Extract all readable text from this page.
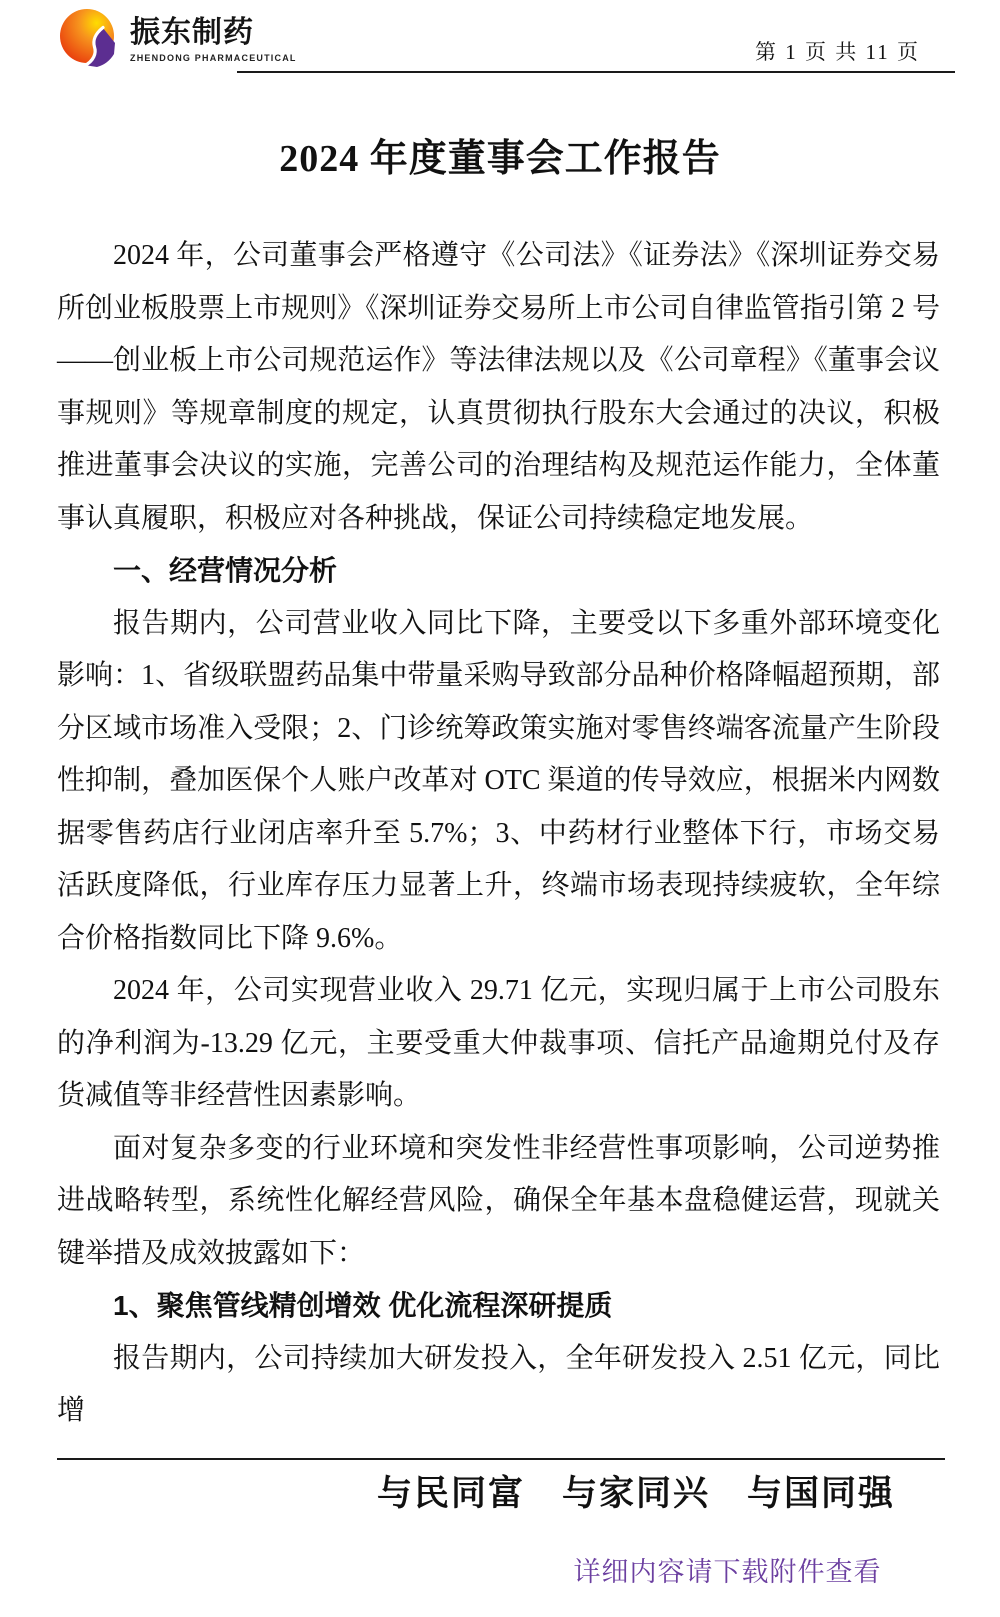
振东制药
ZHENDONG PHARMACEUTICAL	第 1 页 共 11 页
2024 年度董事会工作报告

2024 年，公司董事会严格遵守《公司法》《证券法》《深圳证券交易所创业板股票上市规则》《深圳证券交易所上市公司自律监管指引第 2 号——创业板上市公司规范运作》等法律法规以及《公司章程》《董事会议事规则》等规章制度的规定，认真贯彻执行股东大会通过的决议，积极推进董事会决议的实施，完善公司的治理结构及规范运作能力，全体董事认真履职，积极应对各种挑战，保证公司持续稳定地发展。

一、经营情况分析

报告期内，公司营业收入同比下降，主要受以下多重外部环境变化影响：1、省级联盟药品集中带量采购导致部分品种价格降幅超预期，部分区域市场准入受限；2、门诊统筹政策实施对零售终端客流量产生阶段性抑制，叠加医保个人账户改革对 OTC 渠道的传导效应，根据米内网数据零售药店行业闭店率升至 5.7%；3、中药材行业整体下行，市场交易活跃度降低，行业库存压力显著上升，终端市场表现持续疲软，全年综合价格指数同比下降 9.6%。

2024 年，公司实现营业收入 29.71 亿元，实现归属于上市公司股东的净利润为-13.29 亿元，主要受重大仲裁事项、信托产品逾期兑付及存货减值等非经营性因素影响。

面对复杂多变的行业环境和突发性非经营性事项影响，公司逆势推进战略转型，系统性化解经营风险，确保全年基本盘稳健运营，现就关键举措及成效披露如下：

1、聚焦管线精创增效 优化流程深研提质

报告期内，公司持续加大研发投入，全年研发投入 2.51 亿元，同比增

与民同富　与家同兴　与国同强
详细内容请下载附件查看
